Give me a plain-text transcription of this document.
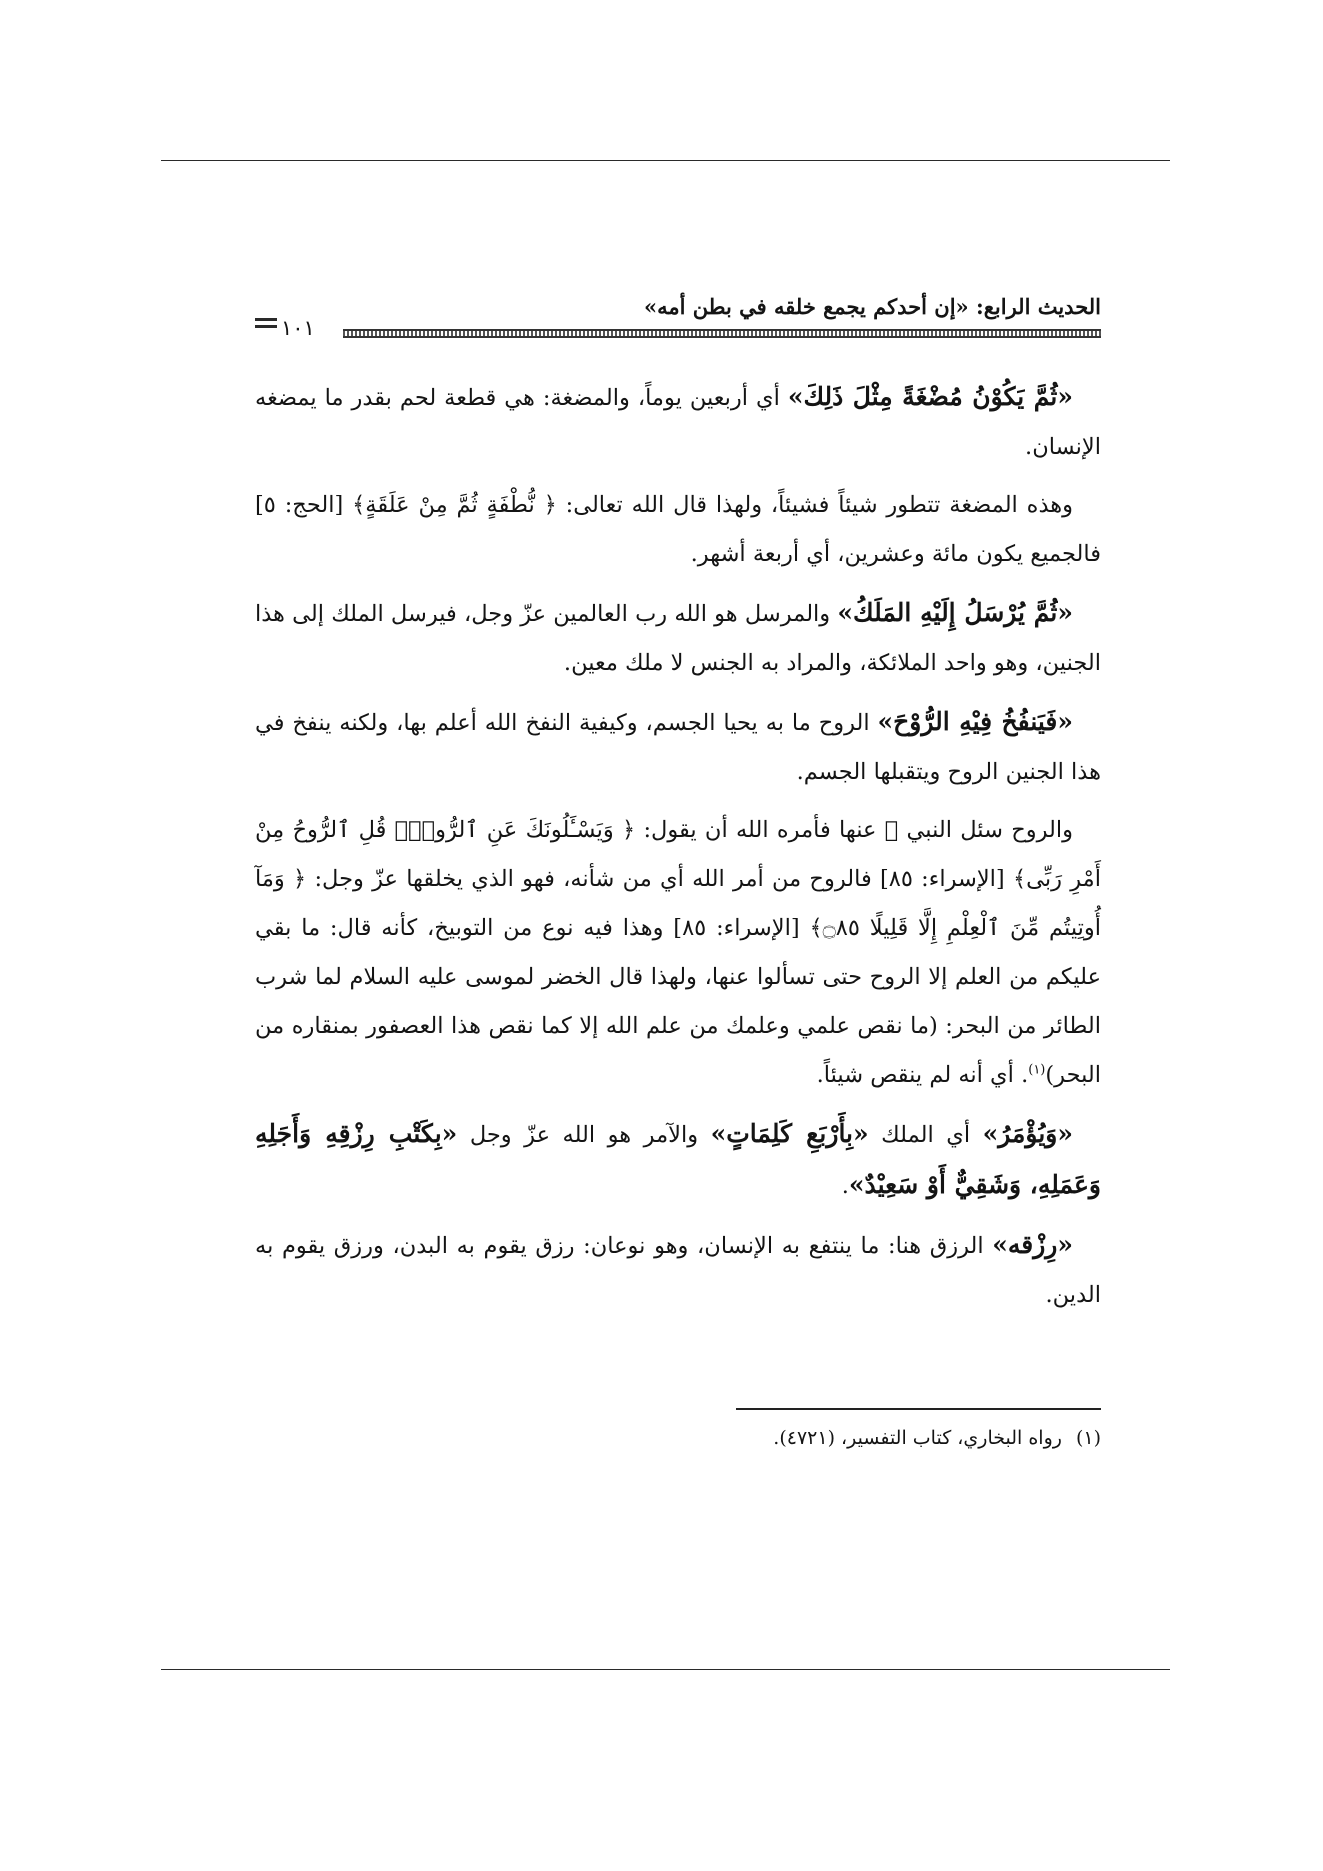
الحديث الرابع: «إن أحدكم يجمع خلقه في بطن أمه»
١٠١

«ثُمَّ يَكُوْنُ مُضْغَةً مِثْلَ ذَلِكَ» أي أربعين يوماً، والمضغة: هي قطعة لحم بقدر ما يمضغه الإنسان.

وهذه المضغة تتطور شيئاً فشيئاً، ولهذا قال الله تعالى: ﴿ نُّطْفَةٍ ثُمَّ مِنْ عَلَقَةٍ﴾ [الحج: ٥] فالجميع يكون مائة وعشرين، أي أربعة أشهر.

«ثُمَّ يُرْسَلُ إِلَيْهِ المَلَكُ» والمرسل هو الله رب العالمين عزّ وجل، فيرسل الملك إلى هذا الجنين، وهو واحد الملائكة، والمراد به الجنس لا ملك معين.

«فَيَنفُخُ فِيْهِ الرُّوْحَ» الروح ما به يحيا الجسم، وكيفية النفخ الله أعلم بها، ولكنه ينفخ في هذا الجنين الروح ويتقبلها الجسم.

والروح سئل النبي ﷺ عنها فأمره الله أن يقول: ﴿ وَيَسْـَٔلُونَكَ عَنِ ٱلرُّوحِۖ قُلِ ٱلرُّوحُ مِنْ أَمْرِ رَبِّى﴾ [الإسراء: ٨٥] فالروح من أمر الله أي من شأنه، فهو الذي يخلقها عزّ وجل: ﴿ وَمَآ أُوتِيتُم مِّنَ ٱلْعِلْمِ إِلَّا قَلِيلًا ۝٨٥﴾ [الإسراء: ٨٥] وهذا فيه نوع من التوبيخ، كأنه قال: ما بقي عليكم من العلم إلا الروح حتى تسألوا عنها، ولهذا قال الخضر لموسى عليه السلام لما شرب الطائر من البحر: (ما نقص علمي وعلمك من علم الله إلا كما نقص هذا العصفور بمنقاره من البحر)$^{(١)}$. أي أنه لم ينقص شيئاً.

«وَيُؤْمَرُ» أي الملك «بِأَرْبَعِ كَلِمَاتٍ» والآمر هو الله عزّ وجل «بِكَتْبِ رِزْقِهِ وَأَجَلِهِ وَعَمَلِهِ، وَشَقِيٌّ أَوْ سَعِيْدٌ».

«رِزْقه» الرزق هنا: ما ينتفع به الإنسان، وهو نوعان: رزق يقوم به البدن، ورزق يقوم به الدين.

(١)رواه البخاري، كتاب التفسير، (٤٧٢١).
